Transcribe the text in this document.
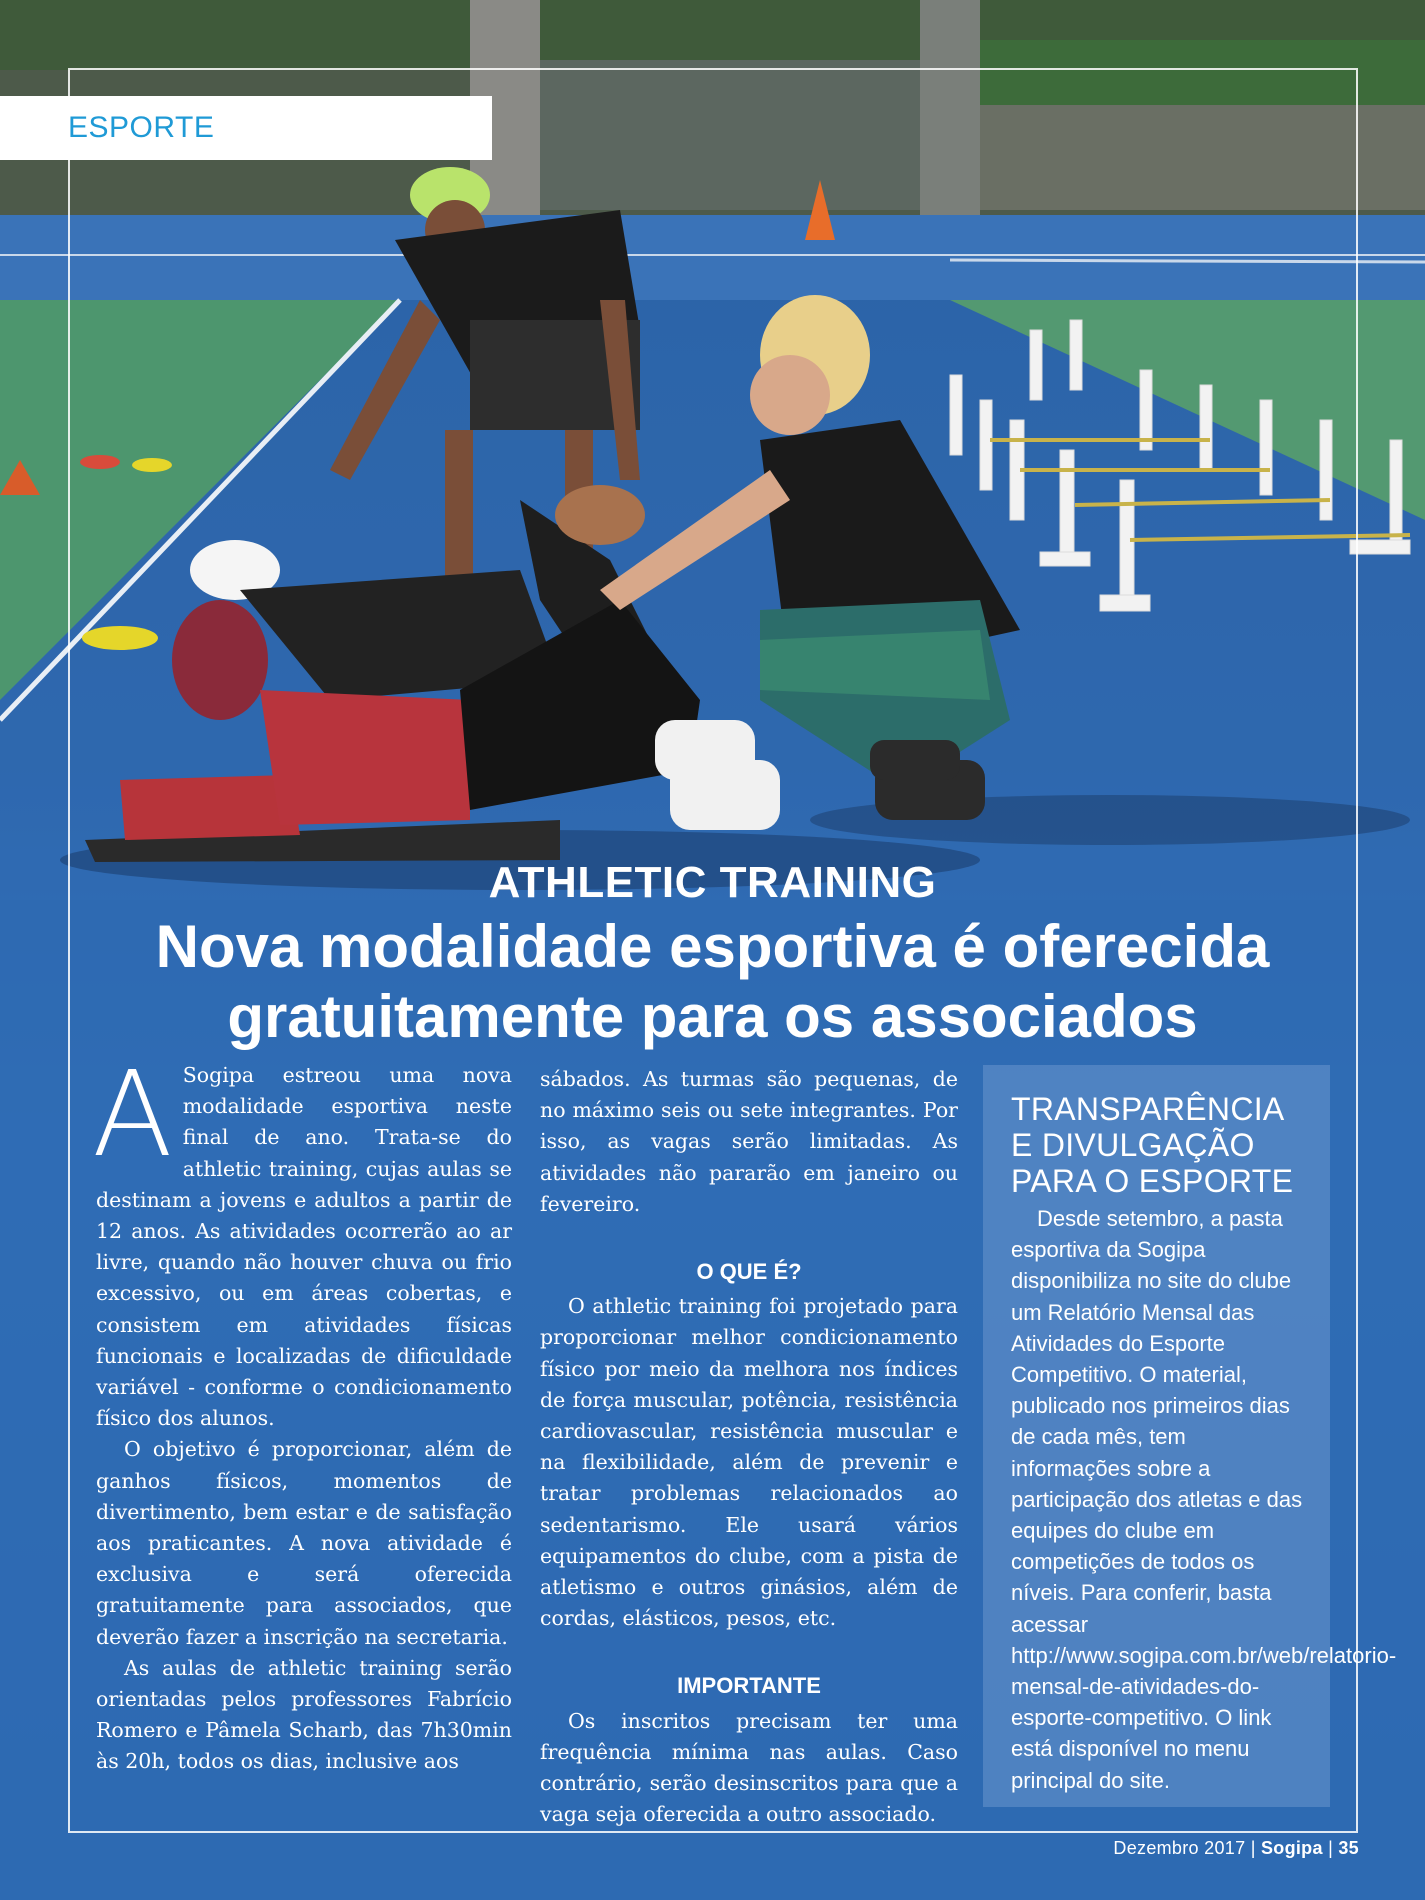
ESPORTE
ATHLETIC TRAINING
Nova modalidade esportiva é oferecida gratuitamente para os associados
A Sogipa estreou uma nova modalidade esportiva neste final de ano. Trata-se do athletic training, cujas aulas se destinam a jovens e adultos a partir de 12 anos. As atividades ocorrerão ao ar livre, quando não houver chuva ou frio excessivo, ou em áreas cobertas, e consistem em atividades físicas funcionais e localizadas de dificuldade variável - conforme o condicionamento físico dos alunos.

O objetivo é proporcionar, além de ganhos físicos, momentos de divertimento, bem estar e de satisfação aos praticantes. A nova atividade é exclusiva e será oferecida gratuitamente para associados, que deverão fazer a inscrição na secretaria.

As aulas de athletic training serão orientadas pelos professores Fabrício Romero e Pâmela Scharb, das 7h30min às 20h, todos os dias, inclusive aos

sábados. As turmas são pequenas, de no máximo seis ou sete integrantes. Por isso, as vagas serão limitadas. As atividades não pararão em janeiro ou fevereiro.

O QUE É?

O athletic training foi projetado para proporcionar melhor condicionamento físico por meio da melhora nos índices de força muscular, potência, resistência cardiovascular, resistência muscular e na flexibilidade, além de prevenir e tratar problemas relacionados ao sedentarismo. Ele usará vários equipamentos do clube, com a pista de atletismo e outros ginásios, além de cordas, elásticos, pesos, etc.

IMPORTANTE

Os inscritos precisam ter uma frequência mínima nas aulas. Caso contrário, serão desinscritos para que a vaga seja oferecida a outro associado.

TRANSPARÊNCIA E DIVULGAÇÃO PARA O ESPORTE

Desde setembro, a pasta esportiva da Sogipa disponibiliza no site do clube um Relatório Mensal das Atividades do Esporte Competitivo. O material, publicado nos primeiros dias de cada mês, tem informações sobre a participação dos atletas e das equipes do clube em competições de todos os níveis. Para conferir, basta acessar http://www.sogipa.com.br/web/relatorio-mensal-de-atividades-do-esporte-competitivo. O link está disponível no menu principal do site.

Dezembro 2017 | Sogipa | 35
